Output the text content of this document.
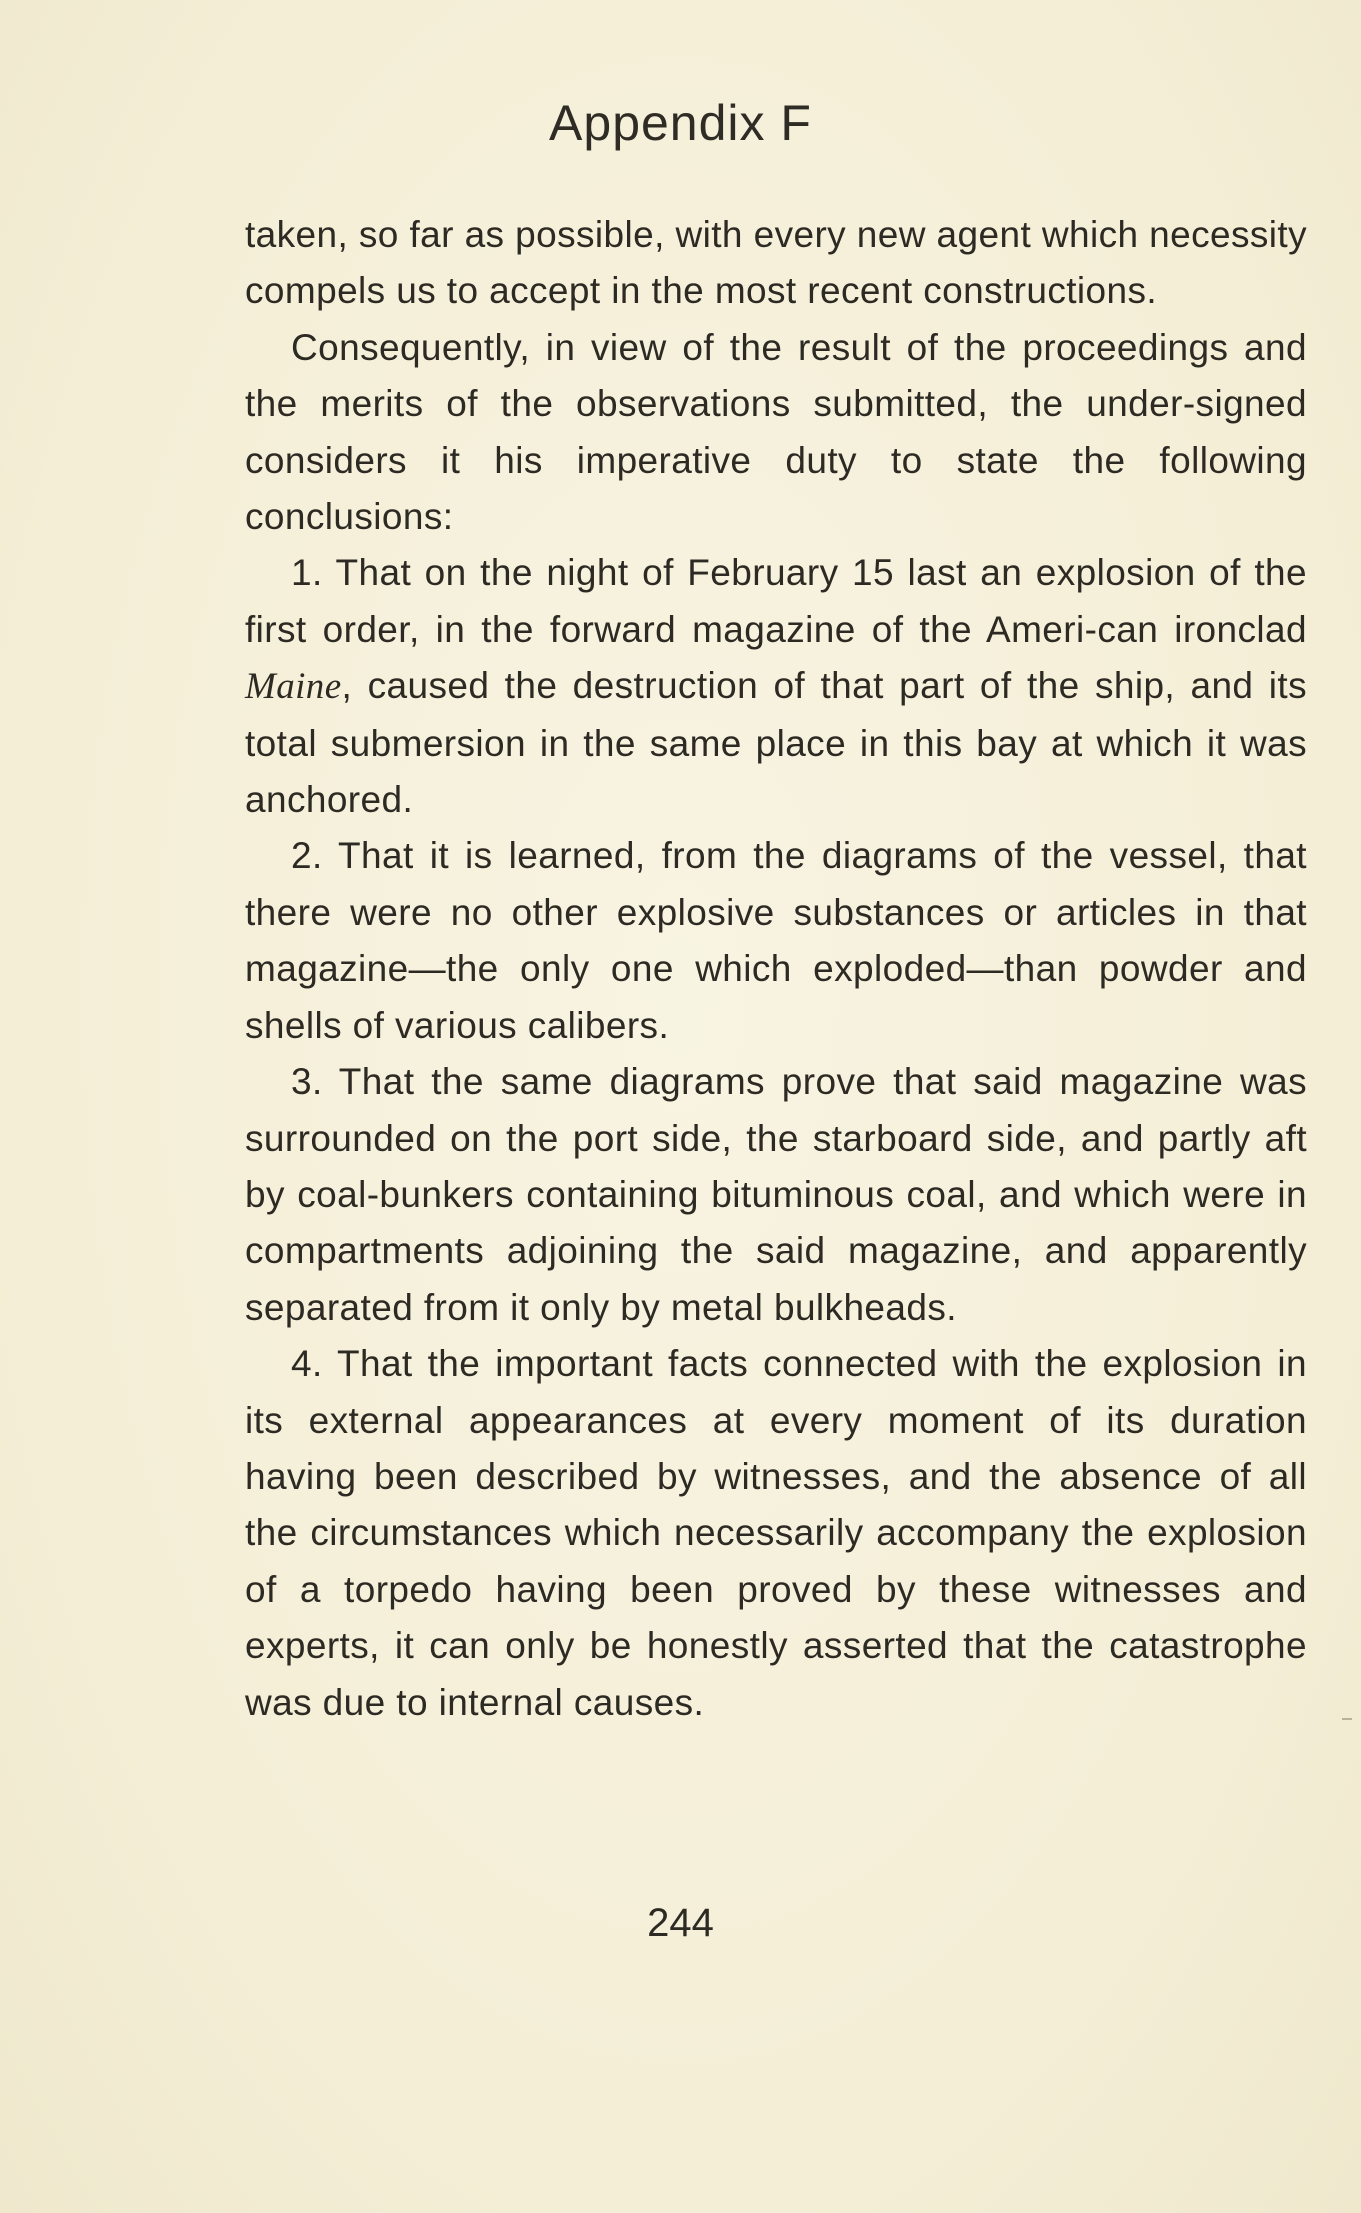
Appendix F

taken, so far as possible, with every new agent which necessity compels us to accept in the most recent constructions.

Consequently, in view of the result of the proceedings and the merits of the observations submitted, the under-signed considers it his imperative duty to state the following conclusions:

1. That on the night of February 15 last an explosion of the first order, in the forward magazine of the Ameri-can ironclad Maine, caused the destruction of that part of the ship, and its total submersion in the same place in this bay at which it was anchored.

2. That it is learned, from the diagrams of the vessel, that there were no other explosive substances or articles in that magazine—the only one which exploded—than powder and shells of various calibers.

3. That the same diagrams prove that said magazine was surrounded on the port side, the starboard side, and partly aft by coal-bunkers containing bituminous coal, and which were in compartments adjoining the said magazine, and apparently separated from it only by metal bulkheads.

4. That the important facts connected with the explosion in its external appearances at every moment of its duration having been described by witnesses, and the absence of all the circumstances which necessarily accompany the explosion of a torpedo having been proved by these witnesses and experts, it can only be honestly asserted that the catastrophe was due to internal causes.

244
